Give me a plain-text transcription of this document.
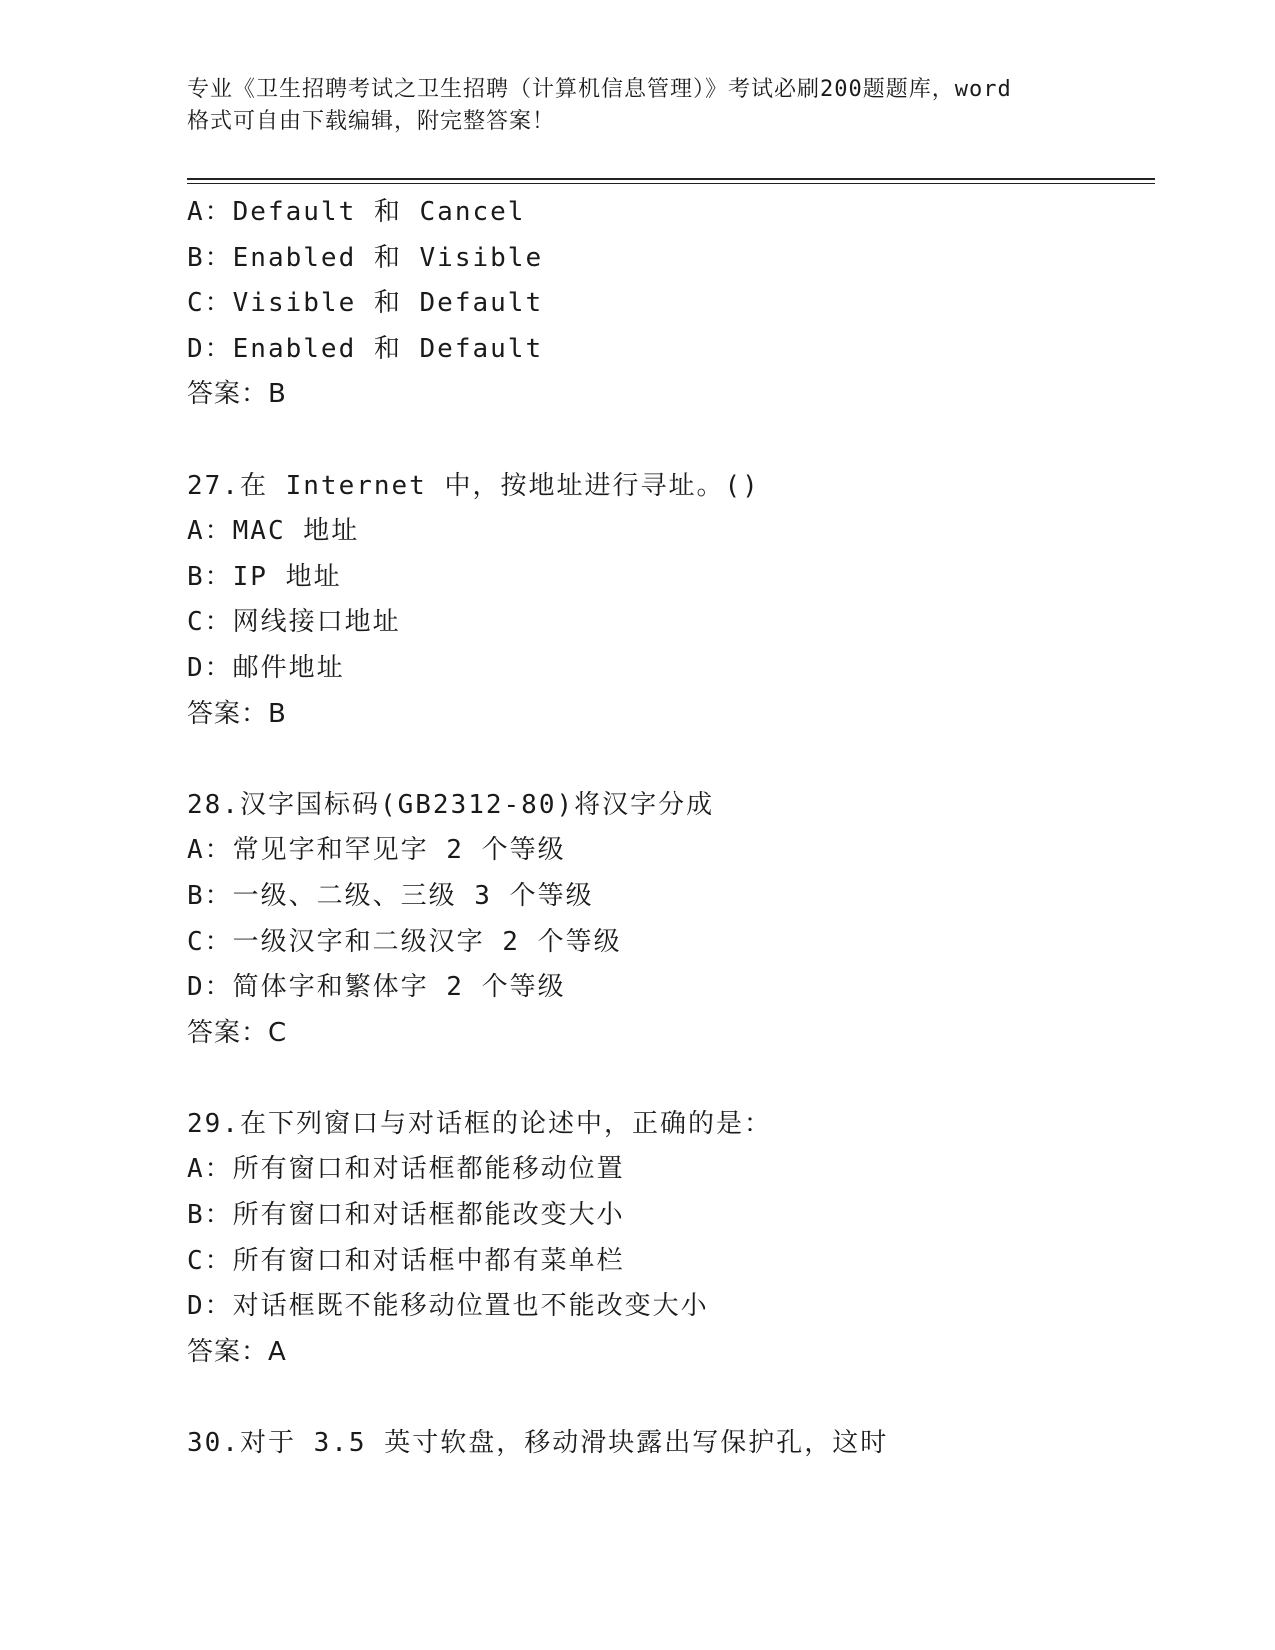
专业《卫生招聘考试之卫生招聘（计算机信息管理）》考试必刷200题题库，word
格式可自由下载编辑，附完整答案！
A：Default 和 Cancel
B：Enabled 和 Visible
C：Visible 和 Default
D：Enabled 和 Default
答案：B
27.在 Internet 中，按地址进行寻址。()
A：MAC 地址
B：IP 地址
C：网线接口地址
D：邮件地址
答案：B
28.汉字国标码(GB2312-80)将汉字分成
A：常见字和罕见字 2 个等级
B：一级、二级、三级 3 个等级
C：一级汉字和二级汉字 2 个等级
D：简体字和繁体字 2 个等级
答案：C
29.在下列窗口与对话框的论述中，正确的是：
A：所有窗口和对话框都能移动位置
B：所有窗口和对话框都能改变大小
C：所有窗口和对话框中都有菜单栏
D：对话框既不能移动位置也不能改变大小
答案：A
30.对于 3.5 英寸软盘，移动滑块露出写保护孔，这时
